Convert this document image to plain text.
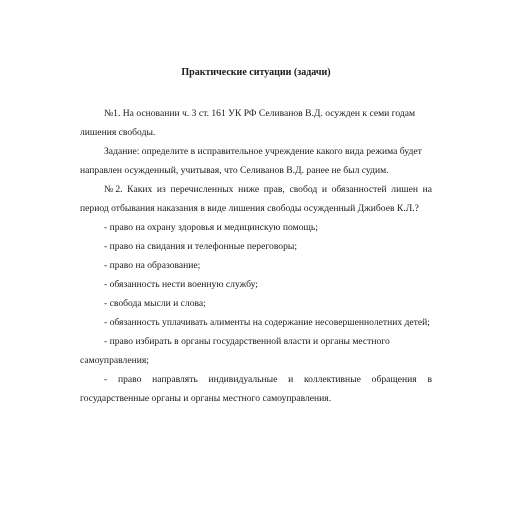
Практические ситуации (задачи)

№1. На основании ч. 3 ст. 161 УК РФ Селиванов В.Д. осужден к семи годам лишения свободы.

Задание: определите в исправительное учреждение какого вида режима будет направлен осужденный, учитывая, что Селиванов В.Д. ранее не был судим.

№2. Каких из перечисленных ниже прав, свобод и обязанностей лишен на период отбывания наказания в виде лишения свободы осужденный Джибоев К.Л.?

- право на охрану здоровья и медицинскую помощь;

- право на свидания и телефонные переговоры;

- право на образование;

- обязанность нести военную службу;

- свобода мысли и слова;

- обязанность уплачивать алименты на содержание несовершеннолетних детей;

- право избирать в органы государственной власти и органы местного самоуправления;

- право направлять индивидуальные и коллективные обращения в государственные органы и органы местного самоуправления.
